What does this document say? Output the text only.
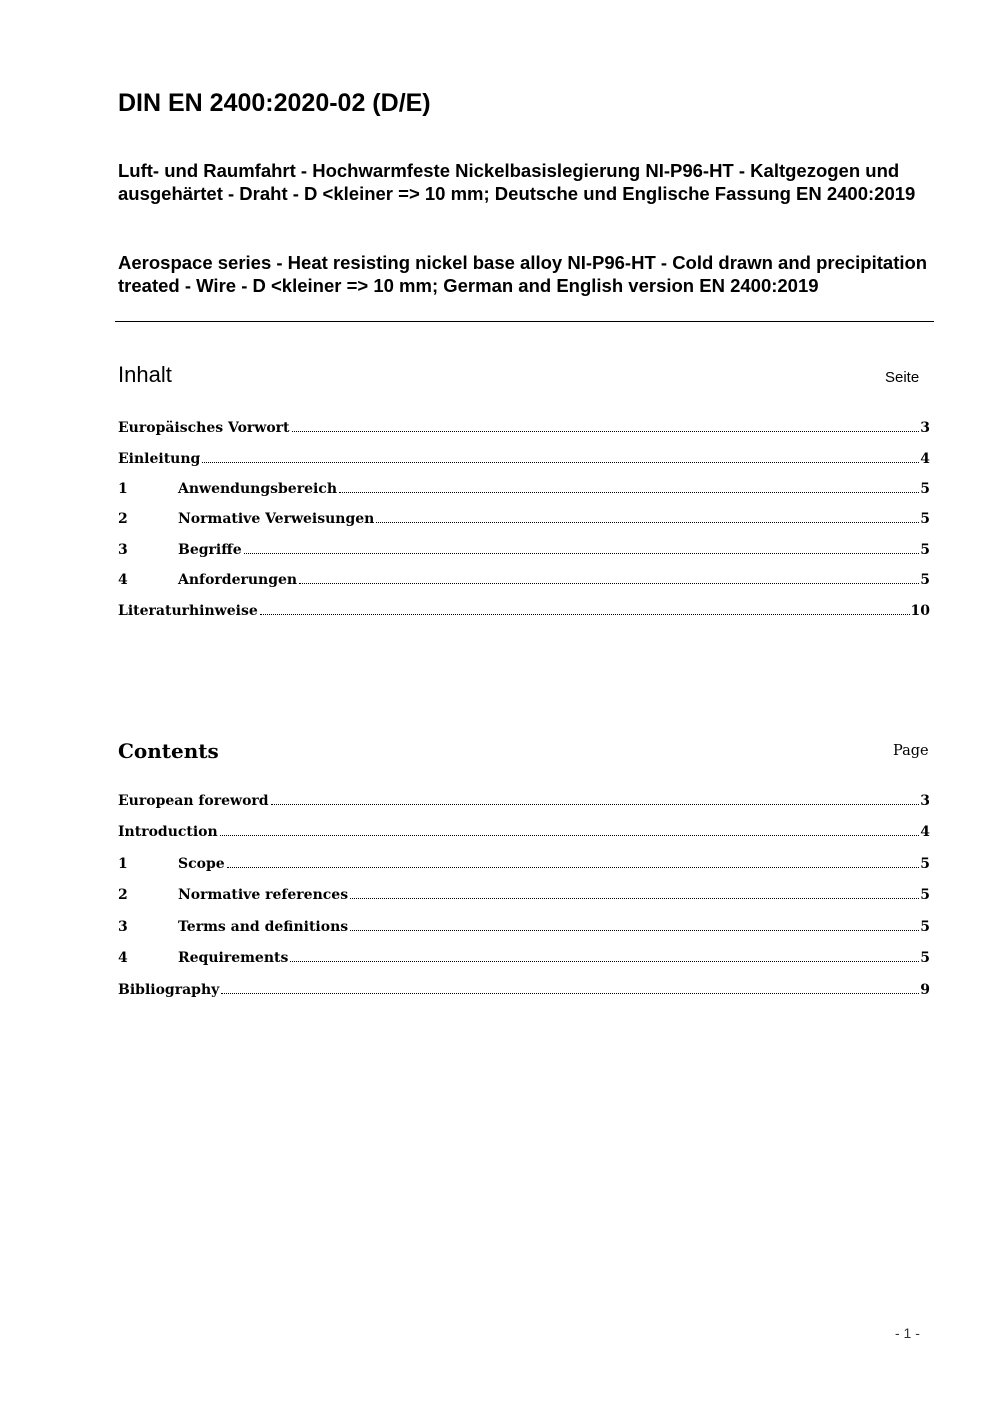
DIN EN 2400:2020-02 (D/E)
Luft- und Raumfahrt - Hochwarmfeste Nickelbasislegierung NI-P96-HT - Kaltgezogen und ausgehärtet - Draht - D <kleiner => 10 mm; Deutsche und Englische Fassung EN 2400:2019
Aerospace series - Heat resisting nickel base alloy NI-P96-HT - Cold drawn and precipitation treated - Wire - D <kleiner => 10 mm; German and English version EN 2400:2019
Inhalt	Seite
Europäisches Vorwort	3
Einleitung	4
1	Anwendungsbereich	5
2	Normative Verweisungen	5
3	Begriffe	5
4	Anforderungen	5
Literaturhinweise	10
Contents	Page
European foreword	3
Introduction	4
1	Scope	5
2	Normative references	5
3	Terms and definitions	5
4	Requirements	5
Bibliography	9
- 1 -
